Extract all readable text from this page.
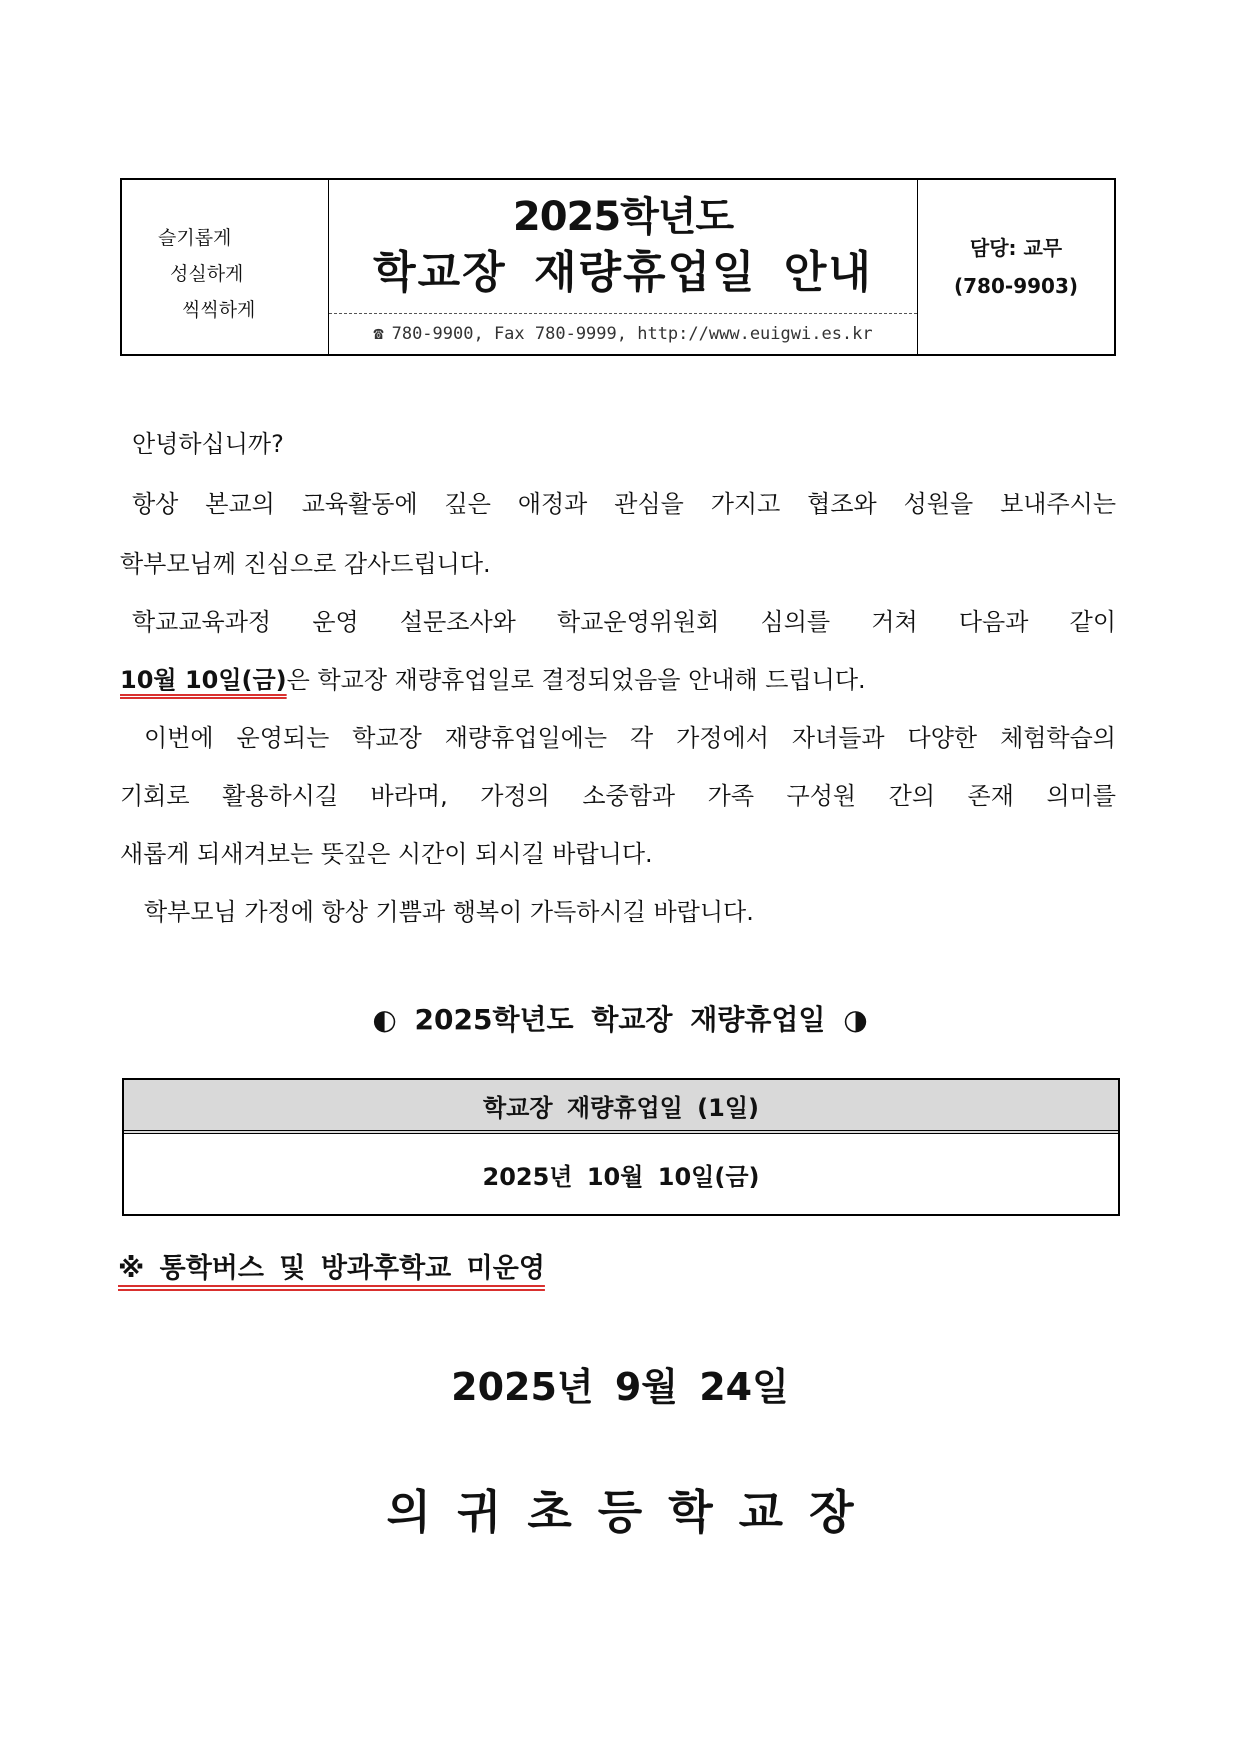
슬기롭게
성실하게
씩씩하게
2025학년도
학교장 재량휴업일 안내
☎ 780-9900, Fax 780-9999, http://www.euigwi.es.kr
담당: 교무
(780-9903)
안녕하십니까?
항상 본교의 교육활동에 깊은 애정과 관심을 가지고 협조와 성원을 보내주시는
학부모님께 진심으로 감사드립니다.
학교교육과정 운영 설문조사와 학교운영위원회 심의를 거쳐 다음과 같이
10월 10일(금)은 학교장 재량휴업일로 결정되었음을 안내해 드립니다.
이번에 운영되는 학교장 재량휴업일에는 각 가정에서 자녀들과 다양한 체험학습의
기회로 활용하시길 바라며, 가정의 소중함과 가족 구성원 간의 존재 의미를
새롭게 되새겨보는 뜻깊은 시간이 되시길 바랍니다.
학부모님 가정에 항상 기쁨과 행복이 가득하시길 바랍니다.
◐ 2025학년도 학교장 재량휴업일 ◑
학교장 재량휴업일 (1일)
2025년 10월 10일(금)
※ 통학버스 및 방과후학교 미운영
2025년 9월 24일
의귀초등학교장
